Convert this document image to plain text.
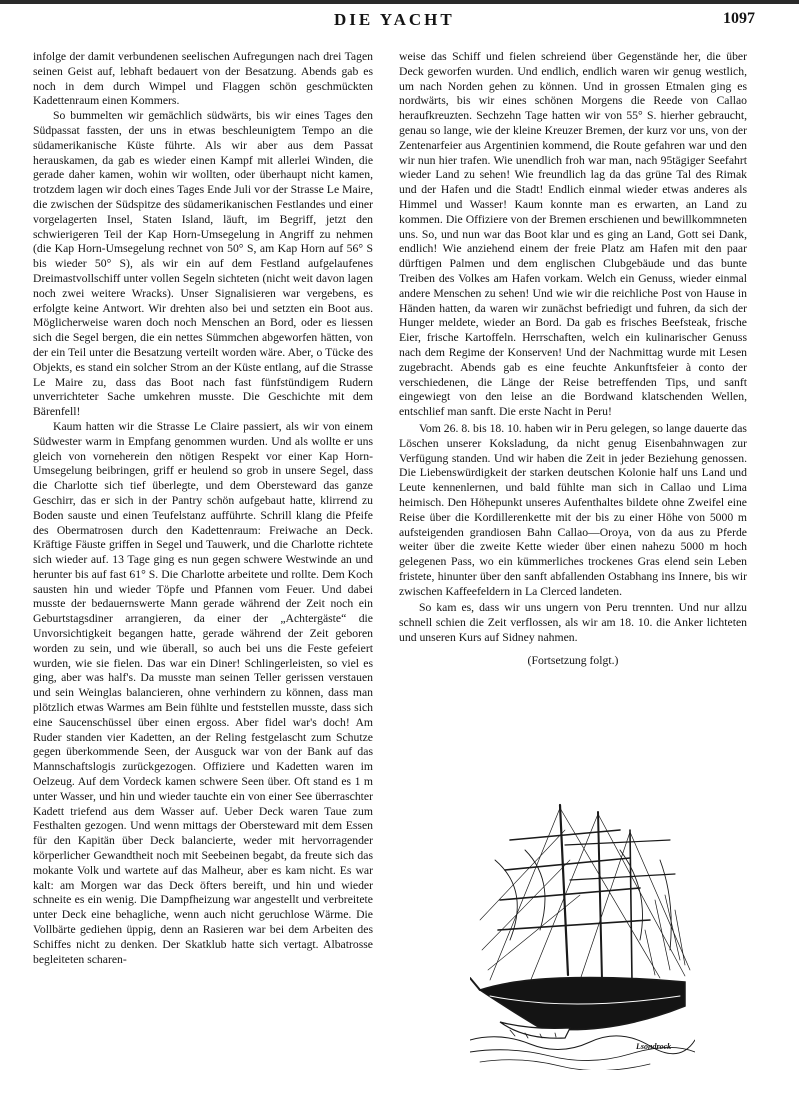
DIE YACHT	1097

infolge der damit verbundenen seelischen Aufregungen nach drei Tagen seinen Geist auf, lebhaft bedauert von der Besatzung. Abends gab es noch in dem durch Wimpel und Flaggen schön geschmückten Kadettenraum einen Kommers.

So bummelten wir gemächlich südwärts, bis wir eines Tages den Südpassat fassten, der uns in etwas beschleunigtem Tempo an die südamerikanische Küste führte. Als wir aber aus dem Passat herauskamen, da gab es wieder einen Kampf mit allerlei Winden, die gerade daher kamen, wohin wir wollten, oder überhaupt nicht kamen, trotzdem lagen wir doch eines Tages Ende Juli vor der Strasse Le Maire, die zwischen der Südspitze des südamerikanischen Festlandes und einer vorgelagerten Insel, Staten Island, läuft, im Begriff, jetzt den schwierigeren Teil der Kap Horn-Umsegelung in Angriff zu nehmen (die Kap Horn-Umsegelung rechnet von 50° S, am Kap Horn auf 56° S bis wieder 50° S), als wir ein auf dem Festland aufgelaufenes Dreimastvollschiff unter vollen Segeln sichteten (nicht weit davon lagen noch zwei weitere Wracks). Unser Signalisieren war vergebens, es erfolgte keine Antwort. Wir drehten also bei und setzten ein Boot aus. Möglicherweise waren doch noch Menschen an Bord, oder es liessen sich die Segel bergen, die ein nettes Sümmchen abgeworfen hätten, von der ein Teil unter die Besatzung verteilt worden wäre. Aber, o Tücke des Objekts, es stand ein solcher Strom an der Küste entlang, auf die Strasse Le Maire zu, dass das Boot nach fast fünfstündigem Rudern unverrichteter Sache umkehren musste. Die Geschichte mit dem Bärenfell!

Kaum hatten wir die Strasse Le Claire passiert, als wir von einem Südwester warm in Empfang genommen wurden. Und als wollte er uns gleich von vorneherein den nötigen Respekt vor einer Kap Horn-Umsegelung beibringen, griff er heulend so grob in unsere Segel, dass die Charlotte sich tief überlegte, und dem Obersteward das ganze Geschirr, das er sich in der Pantry schön aufgebaut hatte, klirrend zu Boden sauste und einen Teufelstanz aufführte. Schrill klang die Pfeife des Obermatrosen durch den Kadettenraum: Freiwache an Deck. Kräftige Fäuste griffen in Segel und Tauwerk, und die Charlotte richtete sich wieder auf. 13 Tage ging es nun gegen schwere Westwinde an und herunter bis auf fast 61° S. Die Charlotte arbeitete und rollte. Dem Koch sausten hin und wieder Töpfe und Pfannen vom Feuer. Und dabei musste der bedauernswerte Mann gerade während der Zeit noch ein Geburtstagsdiner arrangieren, da einer der „Achtergäste“ die Unvorsichtigkeit begangen hatte, gerade während der Zeit geboren worden zu sein, und wie überall, so auch bei uns die Feste gefeiert wurden, wie sie fielen. Das war ein Diner! Schlingerleisten, so viel es ging, aber was half's. Da musste man seinen Teller gerissen verstauen und sein Weinglas balancieren, ohne verhindern zu können, dass man plötzlich etwas Warmes am Bein fühlte und feststellen musste, dass sich eine Saucenschüssel über einen ergoss. Aber fidel war's doch! Am Ruder standen vier Kadetten, an der Reling festgelascht zum Schutze gegen überkommende Seen, der Ausguck war von der Bank auf das Mannschaftslogis zurückgezogen. Offiziere und Kadetten waren im Oelzeug. Auf dem Vordeck kamen schwere Seen über. Oft stand es 1 m unter Wasser, und hin und wieder tauchte ein von einer See überraschter Kadett triefend aus dem Wasser auf. Ueber Deck waren Taue zum Festhalten gezogen. Und wenn mittags der Obersteward mit dem Essen für den Kapitän über Deck balancierte, weder mit hervorragender körperlicher Gewandtheit noch mit Seebeinen begabt, da freute sich das mokante Volk und wartete auf das Malheur, aber es kam nicht. Es war kalt: am Morgen war das Deck öfters bereift, und hin und wieder schneite es ein wenig. Die Dampfheizung war angestellt und verbreitete unter Deck eine behagliche, wenn auch nicht geruchlose Wärme. Die Vollbärte gediehen üppig, denn an Rasieren war bei dem Arbeiten des Schiffes nicht zu denken. Der Skatklub hatte sich vertagt. Albatrosse begleiteten scharen-

weise das Schiff und fielen schreiend über Gegenstände her, die über Deck geworfen wurden. Und endlich, endlich waren wir genug westlich, um nach Norden gehen zu können. Und in grossen Etmalen ging es nordwärts, bis wir eines schönen Morgens die Reede von Callao heraufkreuzten. Sechzehn Tage hatten wir von 55° S. hierher gebraucht, genau so lange, wie der kleine Kreuzer Bremen, der kurz vor uns, von der Zentenarfeier aus Argentinien kommend, die Route gefahren war und den wir nun hier trafen. Wie unendlich froh war man, nach 95tägiger Seefahrt wieder Land zu sehen! Wie freundlich lag da das grüne Tal des Rimak und der Hafen und die Stadt! Endlich einmal wieder etwas anderes als Himmel und Wasser! Kaum konnte man es erwarten, an Land zu kommen. Die Offiziere von der Bremen erschienen und bewillkommneten uns. So, und nun war das Boot klar und es ging an Land, Gott sei Dank, endlich! Wie anziehend einem der freie Platz am Hafen mit den paar dürftigen Palmen und dem englischen Clubgebäude und das bunte Treiben des Volkes am Hafen vorkam. Welch ein Genuss, wieder einmal andere Menschen zu sehen! Und wie wir die reichliche Post von Hause in Händen hatten, da waren wir zunächst befriedigt und fuhren, da sich der Hunger meldete, wieder an Bord. Da gab es frisches Beefsteak, frische Eier, frische Kartoffeln. Herrschaften, welch ein kulinarischer Genuss nach dem Regime der Konserven! Und der Nachmittag wurde mit Lesen zugebracht. Abends gab es eine feuchte Ankunftsfeier à conto der verschiedenen, die Länge der Reise betreffenden Tips, und sanft eingewiegt von den leise an die Bordwand klatschenden Wellen, entschlief man sanft. Die erste Nacht in Peru!

Vom 26. 8. bis 18. 10. haben wir in Peru gelegen, so lange dauerte das Löschen unserer Koksladung, da nicht genug Eisenbahnwagen zur Verfügung standen. Und wir haben die Zeit in jeder Beziehung genossen. Die Liebenswürdigkeit der starken deutschen Kolonie half uns Land und Leute kennenlernen, und bald fühlte man sich in Callao und Lima heimisch. Den Höhepunkt unseres Aufenthaltes bildete ohne Zweifel eine Reise über die Kordillerenkette mit der bis zu einer Höhe von 5000 m aufsteigenden grandiosen Bahn Callao—Oroya, von da aus zu Pferde weiter über die zweite Kette wieder über einen nahezu 5000 m hoch gelegenen Pass, wo ein kümmerliches trockenes Gras elend sein Leben fristete, hinunter über den sanft abfallenden Ostabhang ins Innere, bis wir zwischen Kaffeefeldern in La Clerced landeten.

So kam es, dass wir uns ungern von Peru trennten. Und nur allzu schnell schien die Zeit verflossen, als wir am 18. 10. die Anker lichteten und unseren Kurs auf Sidney nahmen.

(Fortsetzung folgt.)
Lsondrock
